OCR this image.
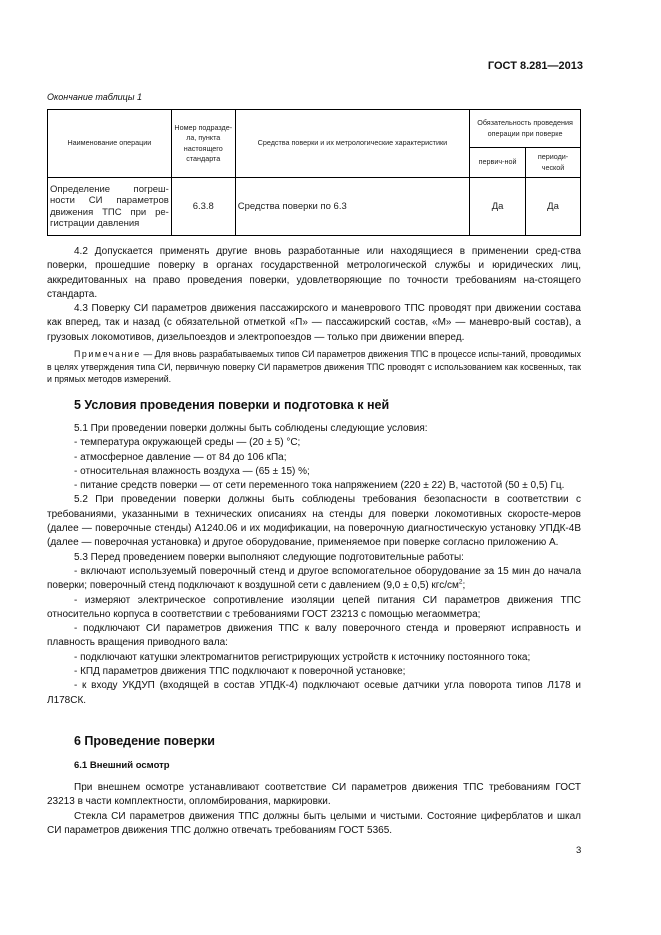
ГОСТ 8.281—2013
Окончание таблицы 1
Наименование операции	Номер подразде-ла, пункта настоящего стандарта	Средства поверки и их метрологические характеристики	Обязательность проведения операции при поверке	
			первич-ной	периоди-ческой
Определение погреш-ности СИ параметров движения ТПС при ре-гистрации давления	6.3.8	Средства поверки по 6.3	Да	Да

4.2 Допускается применять другие вновь разработанные или находящиеся в применении сред-ства поверки, прошедшие поверку в органах государственной метрологической службы и юридических лиц, аккредитованных на право проведения поверки, удовлетворяющие по точности требованиям на-стоящего стандарта.

4.3 Поверку СИ параметров движения пассажирского и маневрового ТПС проводят при движении состава как вперед, так и назад (с обязательной отметкой «П» — пассажирский состав, «М» — маневро-вый состав), а грузовых локомотивов, дизельпоездов и электропоездов — только при движении вперед.

Примечание — Для вновь разрабатываемых типов СИ параметров движения ТПС в процессе испы-таний, проводимых в целях утверждения типа СИ, первичную поверку СИ параметров движения ТПС проводят с использованием как косвенных, так и прямых методов измерений.

5 Условия проведения поверки и подготовка к ней

5.1 При проведении поверки должны быть соблюдены следующие условия:

- температура окружающей среды — (20 ± 5) °С;

- атмосферное давление — от 84 до 106 кПа;

- относительная влажность воздуха — (65 ± 15) %;

- питание средств поверки — от сети переменного тока напряжением (220 ± 22) В, частотой (50 ± 0,5) Гц.

5.2 При проведении поверки должны быть соблюдены требования безопасности в соответствии с требованиями, указанными в технических описаниях на стенды для поверки локомотивных скоросте-меров (далее — поверочные стенды) А1240.06 и их модификации, на поверочную диагностическую установку УПДК-4В (далее — поверочная установка) и другое оборудование, применяемое при поверке согласно приложению А.

5.3 Перед проведением поверки выполняют следующие подготовительные работы:

- включают используемый поверочный стенд и другое вспомогательное оборудование за 15 мин до начала поверки; поверочный стенд подключают к воздушной сети с давлением (9,0 ± 0,5) кгс/$см^2$;

- измеряют электрическое сопротивление изоляции цепей питания СИ параметров движения ТПС относительно корпуса в соответствии с требованиями ГОСТ 23213 с помощью мегаомметра;

- подключают СИ параметров движения ТПС к валу поверочного стенда и проверяют исправность и плавность вращения приводного вала:

- подключают катушки электромагнитов регистрирующих устройств к источнику постоянного тока;

- КПД параметров движения ТПС подключают к поверочной установке;

- к входу УКДУП (входящей в состав УПДК-4) подключают осевые датчики угла поворота типов Л178 и Л178СК.

6 Проведение поверки
6.1 Внешний осмотр

При внешнем осмотре устанавливают соответствие СИ параметров движения ТПС требованиям ГОСТ 23213 в части комплектности, опломбирования, маркировки.

Стекла СИ параметров движения ТПС должны быть целыми и чистыми. Состояние циферблатов и шкал СИ параметров движения ТПС должно отвечать требованиям ГОСТ 5365.

3
